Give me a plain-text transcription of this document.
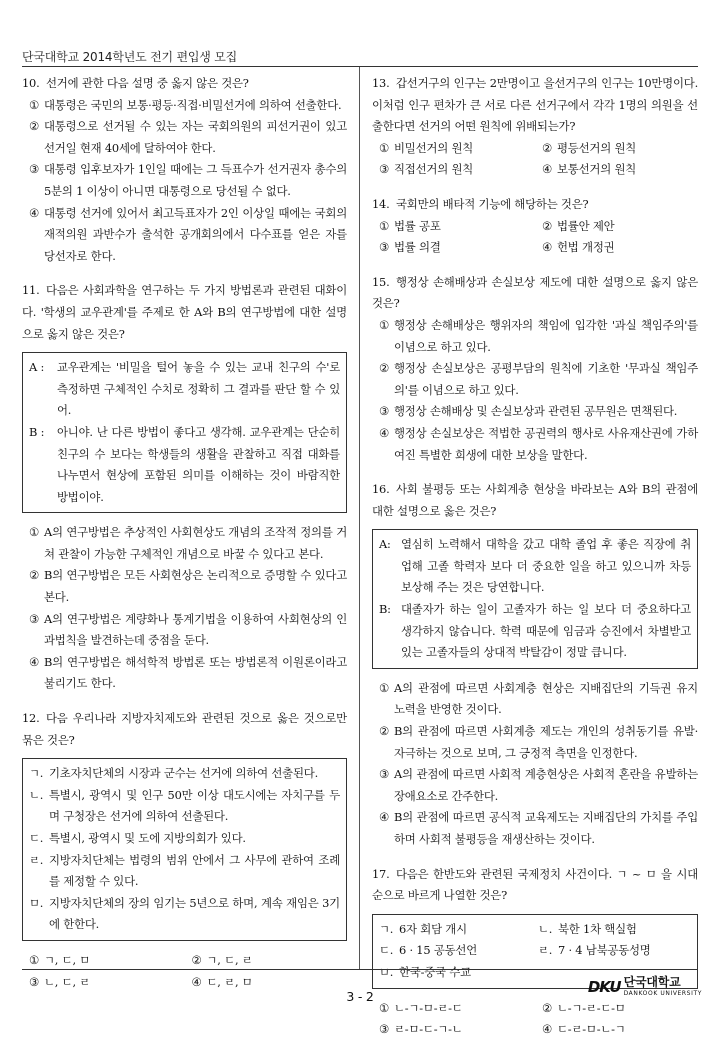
단국대학교 2014학년도 전기 편입생 모집
10. 선거에 관한 다음 설명 중 옳지 않은 것은?
① 대통령은 국민의 보통·평등·직접·비밀선거에 의하여 선출한다.
② 대통령으로 선거될 수 있는 자는 국회의원의 피선거권이 있고 선거일 현재 40세에 달하여야 한다.
③ 대통령 입후보자가 1인일 때에는 그 득표수가 선거권자 총수의 5분의 1 이상이 아니면 대통령으로 당선될 수 없다.
④ 대통령 선거에 있어서 최고득표자가 2인 이상일 때에는 국회의 재적의원 과반수가 출석한 공개회의에서 다수표를 얻은 자를 당선자로 한다.
11. 다음은 사회과학을 연구하는 두 가지 방법론과 관련된 대화이다. '학생의 교우관계'를 주제로 한 A와 B의 연구방법에 대한 설명으로 옳지 않은 것은?
A :	교우관계는 '비밀을 털어 놓을 수 있는 교내 친구의 수'로 측정하면 구체적인 수치로 정확히 그 결과를 판단 할 수 있어.
B :	아니야. 난 다른 방법이 좋다고 생각해. 교우관계는 단순히 친구의 수 보다는 학생들의 생활을 관찰하고 직접 대화를 나누면서 현상에 포함된 의미를 이해하는 것이 바람직한 방법이야.
① A의 연구방법은 추상적인 사회현상도 개념의 조작적 정의를 거쳐 관찰이 가능한 구체적인 개념으로 바꿀 수 있다고 본다.
② B의 연구방법은 모든 사회현상은 논리적으로 증명할 수 있다고 본다.
③ A의 연구방법은 계량화나 통계기법을 이용하여 사회현상의 인과법칙을 발견하는데 중점을 둔다.
④ B의 연구방법은 해석학적 방법론 또는 방법론적 이원론이라고 불리기도 한다.
12. 다음 우리나라 지방자치제도와 관련된 것으로 옳은 것으로만 묶은 것은?
ㄱ. 기초자치단체의 시장과 군수는 선거에 의하여 선출된다.
ㄴ. 특별시, 광역시 및 인구 50만 이상 대도시에는 자치구를 두며 구청장은 선거에 의하여 선출된다.
ㄷ. 특별시, 광역시 및 도에 지방의회가 있다.
ㄹ. 지방자치단체는 법령의 범위 안에서 그 사무에 관하여 조례를 제정할 수 있다.
ㅁ. 지방자치단체의 장의 임기는 5년으로 하며, 계속 재임은 3기에 한한다.
① ㄱ, ㄷ, ㅁ	② ㄱ, ㄷ, ㄹ
③ ㄴ, ㄷ, ㄹ	④ ㄷ, ㄹ, ㅁ
13. 갑선거구의 인구는 2만명이고 을선거구의 인구는 10만명이다. 이처럼 인구 편차가 큰 서로 다른 선거구에서 각각 1명의 의원을 선출한다면 선거의 어떤 원칙에 위배되는가?
① 비밀선거의 원칙	② 평등선거의 원칙
③ 직접선거의 원칙	④ 보통선거의 원칙
14. 국회만의 배타적 기능에 해당하는 것은?
① 법률 공포	② 법률안 제안
③ 법률 의결	④ 헌법 개정권
15. 행정상 손해배상과 손실보상 제도에 대한 설명으로 옳지 않은 것은?
① 행정상 손해배상은 행위자의 책임에 입각한 '과실 책임주의'를 이념으로 하고 있다.
② 행정상 손실보상은 공평부담의 원칙에 기초한 '무과실 책임주의'를 이념으로 하고 있다.
③ 행정상 손해배상 및 손실보상과 관련된 공무원은 면책된다.
④ 행정상 손실보상은 적법한 공권력의 행사로 사유재산권에 가하여진 특별한 희생에 대한 보상을 말한다.
16. 사회 불평등 또는 사회계층 현상을 바라보는 A와 B의 관점에 대한 설명으로 옳은 것은?
A: 열심히 노력해서 대학을 갔고 대학 졸업 후 좋은 직장에 취업해 고졸 학력자 보다 더 중요한 일을 하고 있으니까 차등 보상해 주는 것은 당연합니다.
B: 대졸자가 하는 일이 고졸자가 하는 일 보다 더 중요하다고 생각하지 않습니다. 학력 때문에 임금과 승진에서 차별받고 있는 고졸자들의 상대적 박탈감이 정말 큽니다.
① A의 관점에 따르면 사회계층 현상은 지배집단의 기득권 유지 노력을 반영한 것이다.
② B의 관점에 따르면 사회계층 제도는 개인의 성취동기를 유발·자극하는 것으로 보며, 그 긍정적 측면을 인정한다.
③ A의 관점에 따르면 사회적 계층현상은 사회적 혼란을 유발하는 장애요소로 간주한다.
④ B의 관점에 따르면 공식적 교육제도는 지배집단의 가치를 주입하며 사회적 불평등을 재생산하는 것이다.
17. 다음은 한반도와 관련된 국제정치 사건이다. ㄱ ~ ㅁ 을 시대순으로 바르게 나열한 것은?
ㄱ. 6자 회담 개시	ㄴ. 북한 1차 핵실험
ㄷ. 6 · 15 공동선언	ㄹ. 7 · 4 남북공동성명
ㅁ. 한국-중국 수교
① ㄴ-ㄱ-ㅁ-ㄹ-ㄷ	② ㄴ-ㄱ-ㄹ-ㄷ-ㅁ
③ ㄹ-ㅁ-ㄷ-ㄱ-ㄴ	④ ㄷ-ㄹ-ㅁ-ㄴ-ㄱ
3 - 2
DKU 단국대학교
DANKOOK UNIVERSITY
